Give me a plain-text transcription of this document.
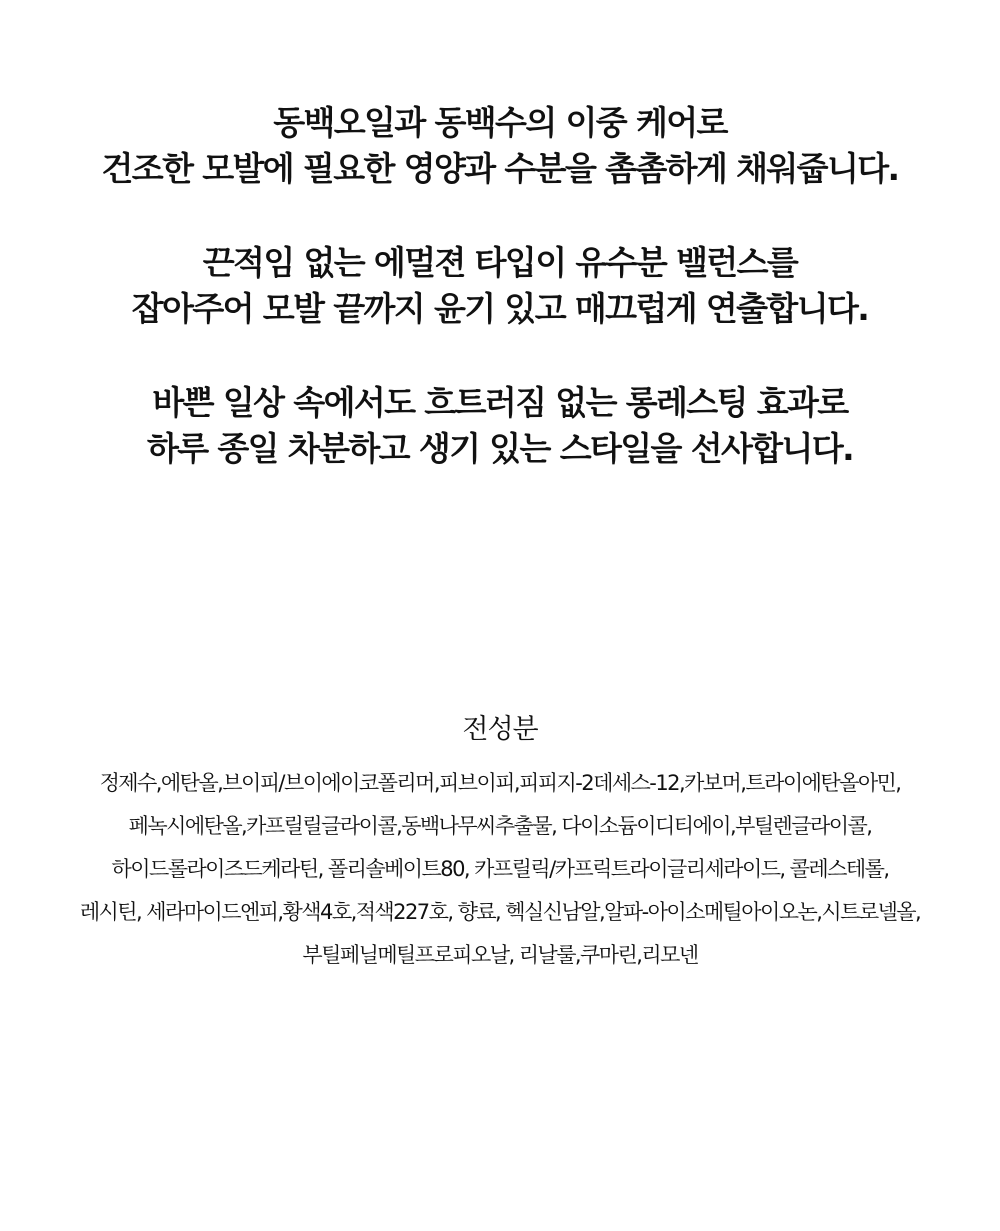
동백오일과 동백수의 이중 케어로
건조한 모발에 필요한 영양과 수분을 촘촘하게 채워줍니다.
끈적임 없는 에멀젼 타입이 유수분 밸런스를
잡아주어 모발 끝까지 윤기 있고 매끄럽게 연출합니다.
바쁜 일상 속에서도 흐트러짐 없는 롱레스팅 효과로
하루 종일 차분하고 생기 있는 스타일을 선사합니다.
전성분
정제수,에탄올,브이피/브이에이코폴리머,피브이피,피피지-2데세스-12,카보머,트라이에탄올아민,
페녹시에탄올,카프릴릴글라이콜,동백나무씨추출물, 다이소듐이디티에이,부틸렌글라이콜,
하이드롤라이즈드케라틴, 폴리솔베이트80, 카프릴릭/카프릭트라이글리세라이드, 콜레스테롤,
레시틴, 세라마이드엔피,황색4호,적색227호, 향료, 헥실신남알,알파-아이소메틸아이오논,시트로넬올,
부틸페닐메틸프로피오날, 리날룰,쿠마린,리모넨
